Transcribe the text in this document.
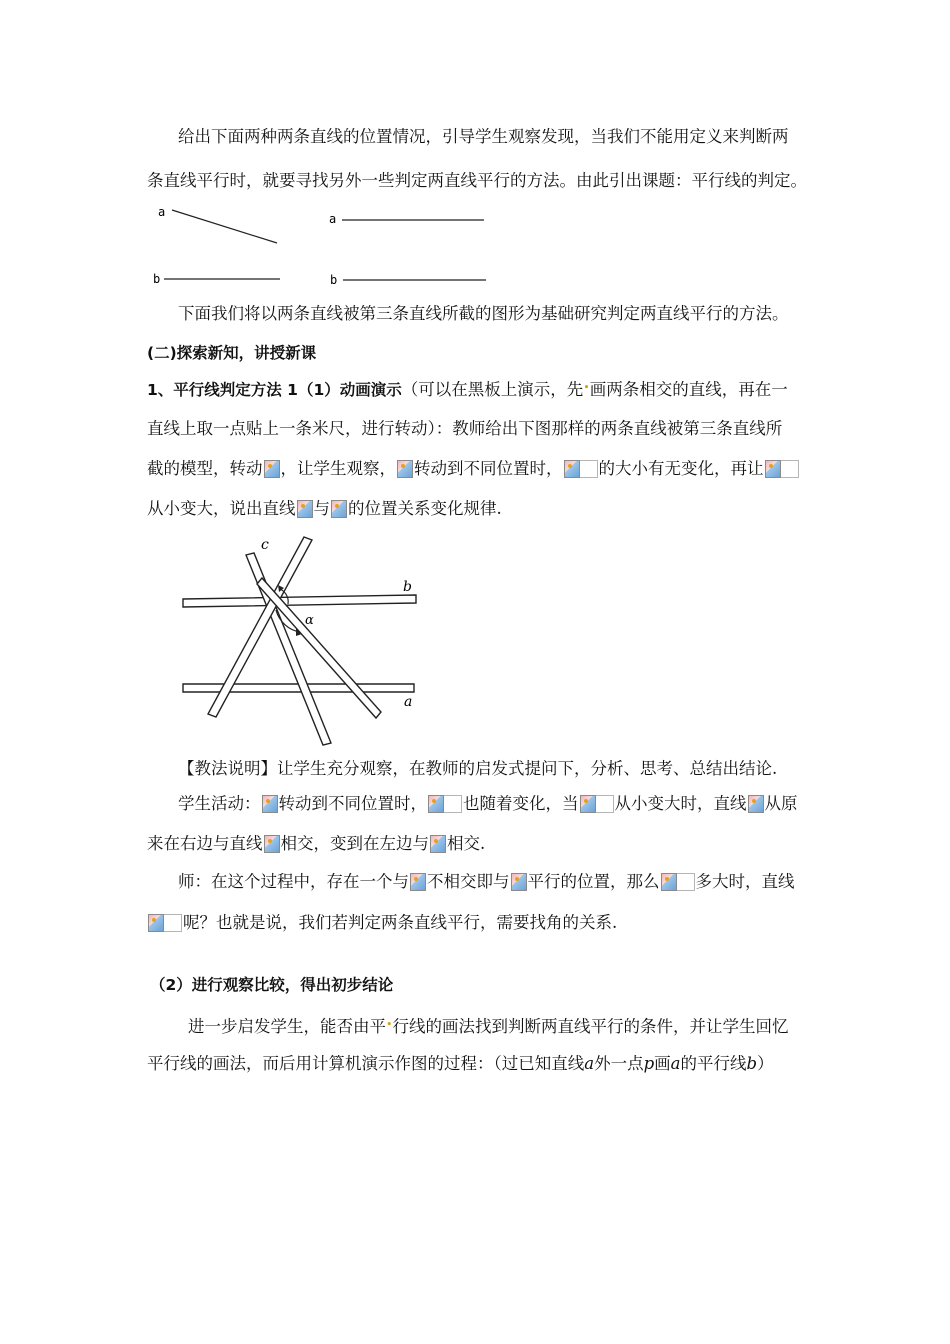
给出下面两种两条直线的位置情况，引导学生观察发现，当我们不能用定义来判断两
条直线平行时，就要寻找另外一些判定两直线平行的方法。由此引出课题：平行线的判定。
a
b
a
b
下面我们将以两条直线被第三条直线所截的图形为基础研究判定两直线平行的方法。
(二)探索新知，讲授新课
1、平行线判定方法 1（1）动画演示（可以在黑板上演示，先•画两条相交的直线，再在一
直线上取一点贴上一条米尺，进行转动）：教师给出下图那样的两条直线被第三条直线所
截的模型，转动 ，让学生观察， 转动到不同位置时， 的大小有无变化，再让
从小变大，说出直线 与 的位置关系变化规律.
c
b
α
a
【教法说明】让学生充分观察，在教师的启发式提问下，分析、思考、总结出结论.
学生活动： 转动到不同位置时， 也随着变化，当 从小变大时，直线 从原
来在右边与直线 相交，变到在左边与 相交.
师：在这个过程中，存在一个与 不相交即与 平行的位置，那么 多大时，直线
呢？也就是说，我们若判定两条直线平行，需要找角的关系.
（2）进行观察比较，得出初步结论
进一步启发学生，能否由平•行线的画法找到判断两直线平行的条件，并让学生回忆
平行线的画法，而后用计算机演示作图的过程：（过已知直线a外一点p画a的平行线b）
